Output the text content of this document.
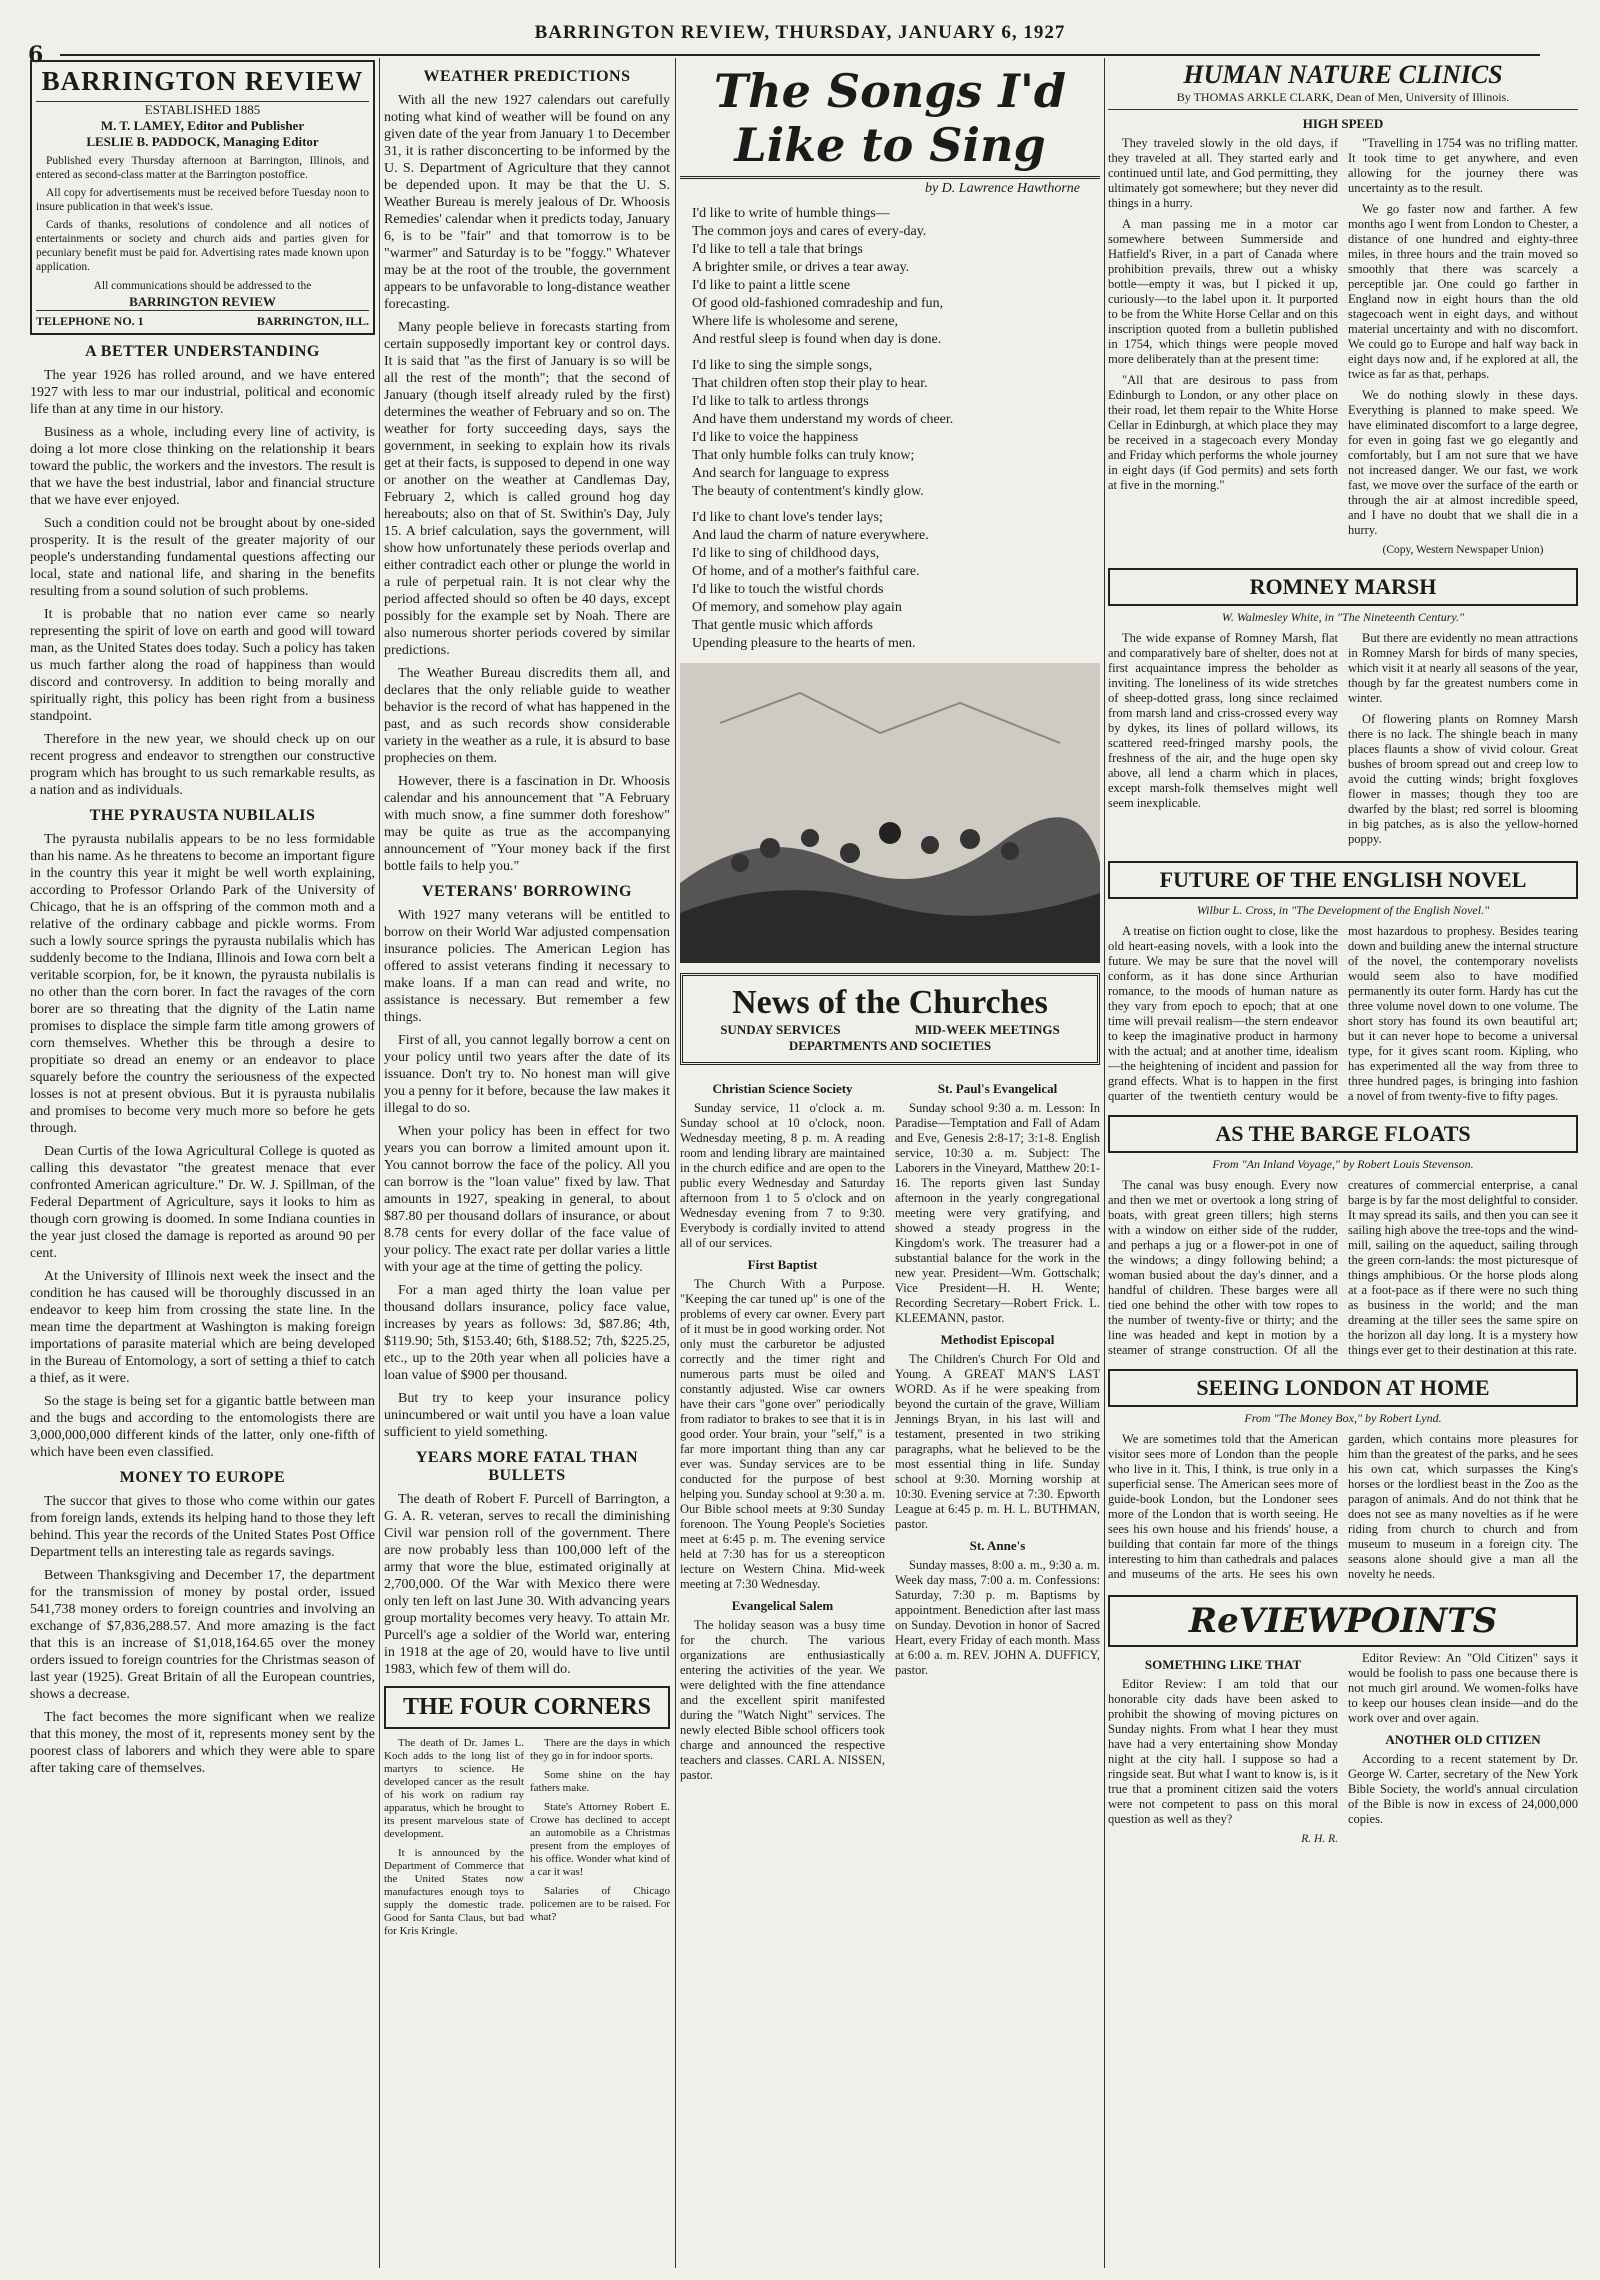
BARRINGTON REVIEW, THURSDAY, JANUARY 6, 1927
6
BARRINGTON REVIEW
ESTABLISHED 1885
M. T. LAMEY, Editor and Publisher
LESLIE B. PADDOCK, Managing Editor
Published every Thursday afternoon at Barrington, Illinois, and entered as second-class matter at the Barrington postoffice.
All copy for advertisements must be received before Tuesday noon to insure publication in that week's issue.
Cards of thanks, resolutions of condolence and all notices of entertainments or society and church aids and parties given for pecuniary benefit must be paid for. Advertising rates made known upon application.
All communications should be addressed to the
BARRINGTON REVIEW
TELEPHONE NO. 1	BARRINGTON, ILL.
A BETTER UNDERSTANDING

The year 1926 has rolled around, and we have entered 1927 with less to mar our industrial, political and economic life than at any time in our history.

Business as a whole, including every line of activity, is doing a lot more close thinking on the relationship it bears toward the public, the workers and the investors. The result is that we have the best industrial, labor and financial structure that we have ever enjoyed.

Such a condition could not be brought about by one-sided prosperity. It is the result of the greater majority of our people's understanding fundamental questions affecting our local, state and national life, and sharing in the benefits resulting from a sound solution of such problems.

It is probable that no nation ever came so nearly representing the spirit of love on earth and good will toward man, as the United States does today. Such a policy has taken us much farther along the road of happiness than would discord and controversy. In addition to being morally and spiritually right, this policy has been right from a business standpoint.

Therefore in the new year, we should check up on our recent progress and endeavor to strengthen our constructive program which has brought to us such remarkable results, as a nation and as individuals.

THE PYRAUSTA NUBILALIS

The pyrausta nubilalis appears to be no less formidable than his name. As he threatens to become an important figure in the country this year it might be well worth explaining, according to Professor Orlando Park of the University of Chicago, that he is an offspring of the common moth and a relative of the ordinary cabbage and pickle worms. From such a lowly source springs the pyrausta nubilalis which has suddenly become to the Indiana, Illinois and Iowa corn belt a veritable scorpion, for, be it known, the pyrausta nubilalis is no other than the corn borer. In fact the ravages of the corn borer are so threating that the dignity of the Latin name promises to displace the simple farm title among growers of corn themselves. Whether this be through a desire to propitiate so dread an enemy or an endeavor to place squarely before the country the seriousness of the expected losses is not at present obvious. But it is pyrausta nubilalis and promises to become very much more so before he gets through.

Dean Curtis of the Iowa Agricultural College is quoted as calling this devastator "the greatest menace that ever confronted American agriculture." Dr. W. J. Spillman, of the Federal Department of Agriculture, says it looks to him as though corn growing is doomed. In some Indiana counties in the year just closed the damage is reported as around 90 per cent.

At the University of Illinois next week the insect and the condition he has caused will be thoroughly discussed in an endeavor to keep him from crossing the state line. In the mean time the department at Washington is making foreign importations of parasite material which are being developed in the Bureau of Entomology, a sort of setting a thief to catch a thief, as it were.

So the stage is being set for a gigantic battle between man and the bugs and according to the entomologists there are 3,000,000,000 different kinds of the latter, only one-fifth of which have been even classified.

MONEY TO EUROPE

The succor that gives to those who come within our gates from foreign lands, extends its helping hand to those they left behind. This year the records of the United States Post Office Department tells an interesting tale as regards savings.

Between Thanksgiving and December 17, the department for the transmission of money by postal order, issued 541,738 money orders to foreign countries and involving an exchange of $7,836,288.57. And more amazing is the fact that this is an increase of $1,018,164.65 over the money orders issued to foreign countries for the Christmas season of last year (1925). Great Britain of all the European countries, shows a decrease.

The fact becomes the more significant when we realize that this money, the most of it, represents money sent by the poorest class of laborers and which they were able to spare after taking care of themselves.

WEATHER PREDICTIONS

With all the new 1927 calendars out carefully noting what kind of weather will be found on any given date of the year from January 1 to December 31, it is rather disconcerting to be informed by the U. S. Department of Agriculture that they cannot be depended upon. It may be that the U. S. Weather Bureau is merely jealous of Dr. Whoosis Remedies' calendar when it predicts today, January 6, is to be "fair" and that tomorrow is to be "warmer" and Saturday is to be "foggy." Whatever may be at the root of the trouble, the government appears to be unfavorable to long-distance weather forecasting.

Many people believe in forecasts starting from certain supposedly important key or control days. It is said that "as the first of January is so will be all the rest of the month"; that the second of January (though itself already ruled by the first) determines the weather of February and so on. The weather for forty succeeding days, says the government, in seeking to explain how its rivals get at their facts, is supposed to depend in one way or another on the weather at Candlemas Day, February 2, which is called ground hog day hereabouts; also on that of St. Swithin's Day, July 15. A brief calculation, says the government, will show how unfortunately these periods overlap and either contradict each other or plunge the world in a rule of perpetual rain. It is not clear why the period affected should so often be 40 days, except possibly for the example set by Noah. There are also numerous shorter periods covered by similar predictions.

The Weather Bureau discredits them all, and declares that the only reliable guide to weather behavior is the record of what has happened in the past, and as such records show considerable variety in the weather as a rule, it is absurd to base prophecies on them.

However, there is a fascination in Dr. Whoosis calendar and his announcement that "A February with much snow, a fine summer doth foreshow" may be quite as true as the accompanying announcement of "Your money back if the first bottle fails to help you."

VETERANS' BORROWING

With 1927 many veterans will be entitled to borrow on their World War adjusted compensation insurance policies. The American Legion has offered to assist veterans finding it necessary to make loans. If a man can read and write, no assistance is necessary. But remember a few things.

First of all, you cannot legally borrow a cent on your policy until two years after the date of its issuance. Don't try to. No honest man will give you a penny for it before, because the law makes it illegal to do so.

When your policy has been in effect for two years you can borrow a limited amount upon it. You cannot borrow the face of the policy. All you can borrow is the "loan value" fixed by law. That amounts in 1927, speaking in general, to about $87.80 per thousand dollars of insurance, or about 8.78 cents for every dollar of the face value of your policy. The exact rate per dollar varies a little with your age at the time of getting the policy.

For a man aged thirty the loan value per thousand dollars insurance, policy face value, increases by years as follows: 3d, $87.86; 4th, $119.90; 5th, $153.40; 6th, $188.52; 7th, $225.25, etc., up to the 20th year when all policies have a loan value of $900 per thousand.

But try to keep your insurance policy unincumbered or wait until you have a loan value sufficient to yield something.

YEARS MORE FATAL THAN BULLETS

The death of Robert F. Purcell of Barrington, a G. A. R. veteran, serves to recall the diminishing Civil war pension roll of the government. There are now probably less than 100,000 left of the army that wore the blue, estimated originally at 2,700,000. Of the War with Mexico there were only ten left on last June 30. With advancing years group mortality becomes very heavy. To attain Mr. Purcell's age a soldier of the World war, entering in 1918 at the age of 20, would have to live until 1983, which few of them will do.

THE FOUR CORNERS

The death of Dr. James L. Koch adds to the long list of martyrs to science. He developed cancer as the result of his work on radium ray apparatus, which he brought to its present marvelous state of development.

It is announced by the Department of Commerce that the United States now manufactures enough toys to supply the domestic trade. Good for Santa Claus, but bad for Kris Kringle.

There are the days in which they go in for indoor sports.

Some shine on the hay fathers make.

State's Attorney Robert E. Crowe has declined to accept an automobile as a Christmas present from the employes of his office. Wonder what kind of a car it was!

Salaries of Chicago policemen are to be raised. For what?

The Songs I'd Like to Sing
by D. Lawrence Hawthorne
I'd like to write of humble things—
The common joys and cares of every-day.
I'd like to tell a tale that brings
A brighter smile, or drives a tear away.
I'd like to paint a little scene
Of good old-fashioned comradeship and fun,
Where life is wholesome and serene,
And restful sleep is found when day is done.
I'd like to sing the simple songs,
That children often stop their play to hear.
I'd like to talk to artless throngs
And have them understand my words of cheer.
I'd like to voice the happiness
That only humble folks can truly know;
And search for language to express
The beauty of contentment's kindly glow.
I'd like to chant love's tender lays;
And laud the charm of nature everywhere.
I'd like to sing of childhood days,
Of home, and of a mother's faithful care.
I'd like to touch the wistful chords
Of memory, and somehow play again
That gentle music which affords
Upending pleasure to the hearts of men.
News of the Churches
SUNDAY SERVICES	MID-WEEK MEETINGS
DEPARTMENTS AND SOCIETIES
Christian Science Society

Sunday service, 11 o'clock a. m. Sunday school at 10 o'clock, noon. Wednesday meeting, 8 p. m. A reading room and lending library are maintained in the church edifice and are open to the public every Wednesday and Saturday afternoon from 1 to 5 o'clock and on Wednesday evening from 7 to 9:30. Everybody is cordially invited to attend all of our services.

First Baptist

The Church With a Purpose. "Keeping the car tuned up" is one of the problems of every car owner. Every part of it must be in good working order. Not only must the carburetor be adjusted correctly and the timer right and numerous parts must be oiled and constantly adjusted. Wise car owners have their cars "gone over" periodically from radiator to brakes to see that it is in good order. Your brain, your "self," is a far more important thing than any car ever was. Sunday services are to be conducted for the purpose of best helping you. Sunday school at 9:30 a. m. Our Bible school meets at 9:30 Sunday forenoon. The Young People's Societies meet at 6:45 p. m. The evening service held at 7:30 has for us a stereopticon lecture on Western China. Mid-week meeting at 7:30 Wednesday.

Evangelical Salem

The holiday season was a busy time for the church. The various organizations are enthusiastically entering the activities of the year. We were delighted with the fine attendance and the excellent spirit manifested during the "Watch Night" services. The newly elected Bible school officers took charge and announced the respective teachers and classes. CARL A. NISSEN, pastor.

St. Paul's Evangelical

Sunday school 9:30 a. m. Lesson: In Paradise—Temptation and Fall of Adam and Eve, Genesis 2:8-17; 3:1-8. English service, 10:30 a. m. Subject: The Laborers in the Vineyard, Matthew 20:1-16. The reports given last Sunday afternoon in the yearly congregational meeting were very gratifying, and showed a steady progress in the Kingdom's work. The treasurer had a substantial balance for the work in the new year. President—Wm. Gottschalk; Vice President—H. H. Wente; Recording Secretary—Robert Frick. L. KLEEMANN, pastor.

Methodist Episcopal

The Children's Church For Old and Young. A GREAT MAN'S LAST WORD. As if he were speaking from beyond the curtain of the grave, William Jennings Bryan, in his last will and testament, presented in two striking paragraphs, what he believed to be the most essential thing in life. Sunday school at 9:30. Morning worship at 10:30. Evening service at 7:30. Epworth League at 6:45 p. m. H. L. BUTHMAN, pastor.

St. Anne's

Sunday masses, 8:00 a. m., 9:30 a. m. Week day mass, 7:00 a. m. Confessions: Saturday, 7:30 p. m. Baptisms by appointment. Benediction after last mass on Sunday. Devotion in honor of Sacred Heart, every Friday of each month. Mass at 6:00 a. m. REV. JOHN A. DUFFICY, pastor.

HUMAN NATURE CLINICS
By THOMAS ARKLE CLARK, Dean of Men, University of Illinois.
HIGH SPEED

They traveled slowly in the old days, if they traveled at all. They started early and continued until late, and God permitting, they ultimately got somewhere; but they never did things in a hurry.

A man passing me in a motor car somewhere between Summerside and Hatfield's River, in a part of Canada where prohibition prevails, threw out a whisky bottle—empty it was, but I picked it up, curiously—to the label upon it. It purported to be from the White Horse Cellar and on this inscription quoted from a bulletin published in 1754, which things were people moved more deliberately than at the present time:

"All that are desirous to pass from Edinburgh to London, or any other place on their road, let them repair to the White Horse Cellar in Edinburgh, at which place they may be received in a stagecoach every Monday and Friday which performs the whole journey in eight days (if God permits) and sets forth at five in the morning."

"Travelling in 1754 was no trifling matter. It took time to get anywhere, and even allowing for the journey there was uncertainty as to the result.

We go faster now and farther. A few months ago I went from London to Chester, a distance of one hundred and eighty-three miles, in three hours and the train moved so smoothly that there was scarcely a perceptible jar. One could go farther in England now in eight hours than the old stagecoach went in eight days, and without material uncertainty and with no discomfort. We could go to Europe and half way back in eight days now and, if he explored at all, the twice as far as that, perhaps.

We do nothing slowly in these days. Everything is planned to make speed. We have eliminated discomfort to a large degree, for even in going fast we go elegantly and comfortably, but I am not sure that we have not increased danger. We our fast, we work fast, we move over the surface of the earth or through the air at almost incredible speed, and I have no doubt that we shall die in a hurry.

(Copy, Western Newspaper Union)
ROMNEY MARSH
W. Walmesley White, in "The Nineteenth Century."

The wide expanse of Romney Marsh, flat and comparatively bare of shelter, does not at first acquaintance impress the beholder as inviting. The loneliness of its wide stretches of sheep-dotted grass, long since reclaimed from marsh land and criss-crossed every way by dykes, its lines of pollard willows, its scattered reed-fringed marshy pools, the freshness of the air, and the huge open sky above, all lend a charm which in places, except marsh-folk themselves might well seem inexplicable.

But there are evidently no mean attractions in Romney Marsh for birds of many species, which visit it at nearly all seasons of the year, though by far the greatest numbers come in winter.

Of flowering plants on Romney Marsh there is no lack. The shingle beach in many places flaunts a show of vivid colour. Great bushes of broom spread out and creep low to avoid the cutting winds; bright foxgloves flower in masses; though they too are dwarfed by the blast; red sorrel is blooming in big patches, as is also the yellow-horned poppy.

FUTURE OF THE ENGLISH NOVEL
Wilbur L. Cross, in "The Development of the English Novel."

A treatise on fiction ought to close, like the old heart-easing novels, with a look into the future. We may be sure that the novel will conform, as it has done since Arthurian romance, to the moods of human nature as they vary from epoch to epoch; that at one time will prevail realism—the stern endeavor to keep the imaginative product in harmony with the actual; and at another time, idealism—the heightening of incident and passion for grand effects. What is to happen in the first quarter of the twentieth century would be most hazardous to prophesy. Besides tearing down and building anew the internal structure of the novel, the contemporary novelists would seem also to have modified permanently its outer form. Hardy has cut the three volume novel down to one volume. The short story has found its own beautiful art; but it can never hope to become a universal type, for it gives scant room. Kipling, who has experimented all the way from three to three hundred pages, is bringing into fashion a novel of from twenty-five to fifty pages.

AS THE BARGE FLOATS
From "An Inland Voyage," by Robert Louis Stevenson.

The canal was busy enough. Every now and then we met or overtook a long string of boats, with great green tillers; high sterns with a window on either side of the rudder, and perhaps a jug or a flower-pot in one of the windows; a dingy following behind; a woman busied about the day's dinner, and a handful of children. These barges were all tied one behind the other with tow ropes to the number of twenty-five or thirty; and the line was headed and kept in motion by a steamer of strange construction. Of all the creatures of commercial enterprise, a canal barge is by far the most delightful to consider. It may spread its sails, and then you can see it sailing high above the tree-tops and the wind-mill, sailing on the aqueduct, sailing through the green corn-lands: the most picturesque of things amphibious. Or the horse plods along at a foot-pace as if there were no such thing as business in the world; and the man dreaming at the tiller sees the same spire on the horizon all day long. It is a mystery how things ever get to their destination at this rate.

SEEING LONDON AT HOME
From "The Money Box," by Robert Lynd.

We are sometimes told that the American visitor sees more of London than the people who live in it. This, I think, is true only in a superficial sense. The American sees more of guide-book London, but the Londoner sees more of the London that is worth seeing. He sees his own house and his friends' house, a building that contain far more of the things interesting to him than cathedrals and palaces and museums of the arts. He sees his own garden, which contains more pleasures for him than the greatest of the parks, and he sees his own cat, which surpasses the King's horses or the lordliest beast in the Zoo as the paragon of animals. And do not think that he does not see as many novelties as if he were riding from church to church and from museum to museum in a foreign city. The seasons alone should give a man all the novelty he needs.

ReVIEWPOINTS
SOMETHING LIKE THAT

Editor Review: I am told that our honorable city dads have been asked to prohibit the showing of moving pictures on Sunday nights. From what I hear they must have had a very entertaining show Monday night at the city hall. I suppose so had a ringside seat. But what I want to know is, is it true that a prominent citizen said the voters were not competent to pass on this moral question as well as they?

R. H. R.

Editor Review: An "Old Citizen" says it would be foolish to pass one because there is not much girl around. We women-folks have to keep our houses clean inside—and do the work over and over again.

ANOTHER OLD CITIZEN

According to a recent statement by Dr. George W. Carter, secretary of the New York Bible Society, the world's annual circulation of the Bible is now in excess of 24,000,000 copies.
